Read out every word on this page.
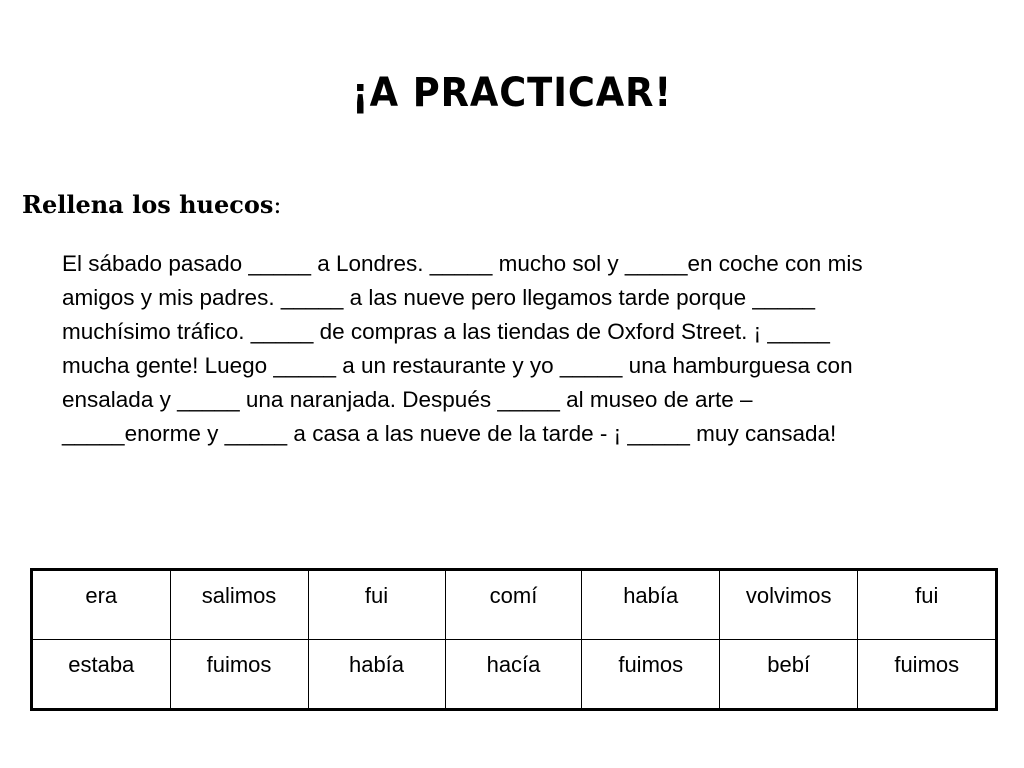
¡A PRACTICAR!
Rellena los huecos:

El sábado pasado _____ a Londres. _____ mucho sol y _____en coche con mis
amigos y mis padres. _____ a las nueve pero llegamos tarde porque _____
muchísimo tráfico. _____ de compras a las tiendas de Oxford Street. ¡ _____
mucha gente! Luego _____ a un restaurante y yo _____ una hamburguesa con
ensalada y _____ una naranjada. Después _____ al museo de arte –
_____enorme y _____ a casa a las nueve de la tarde - ¡ _____ muy cansada!

era	salimos	fui	comí	había	volvimos	fui
estaba	fuimos	había	hacía	fuimos	bebí	fuimos
